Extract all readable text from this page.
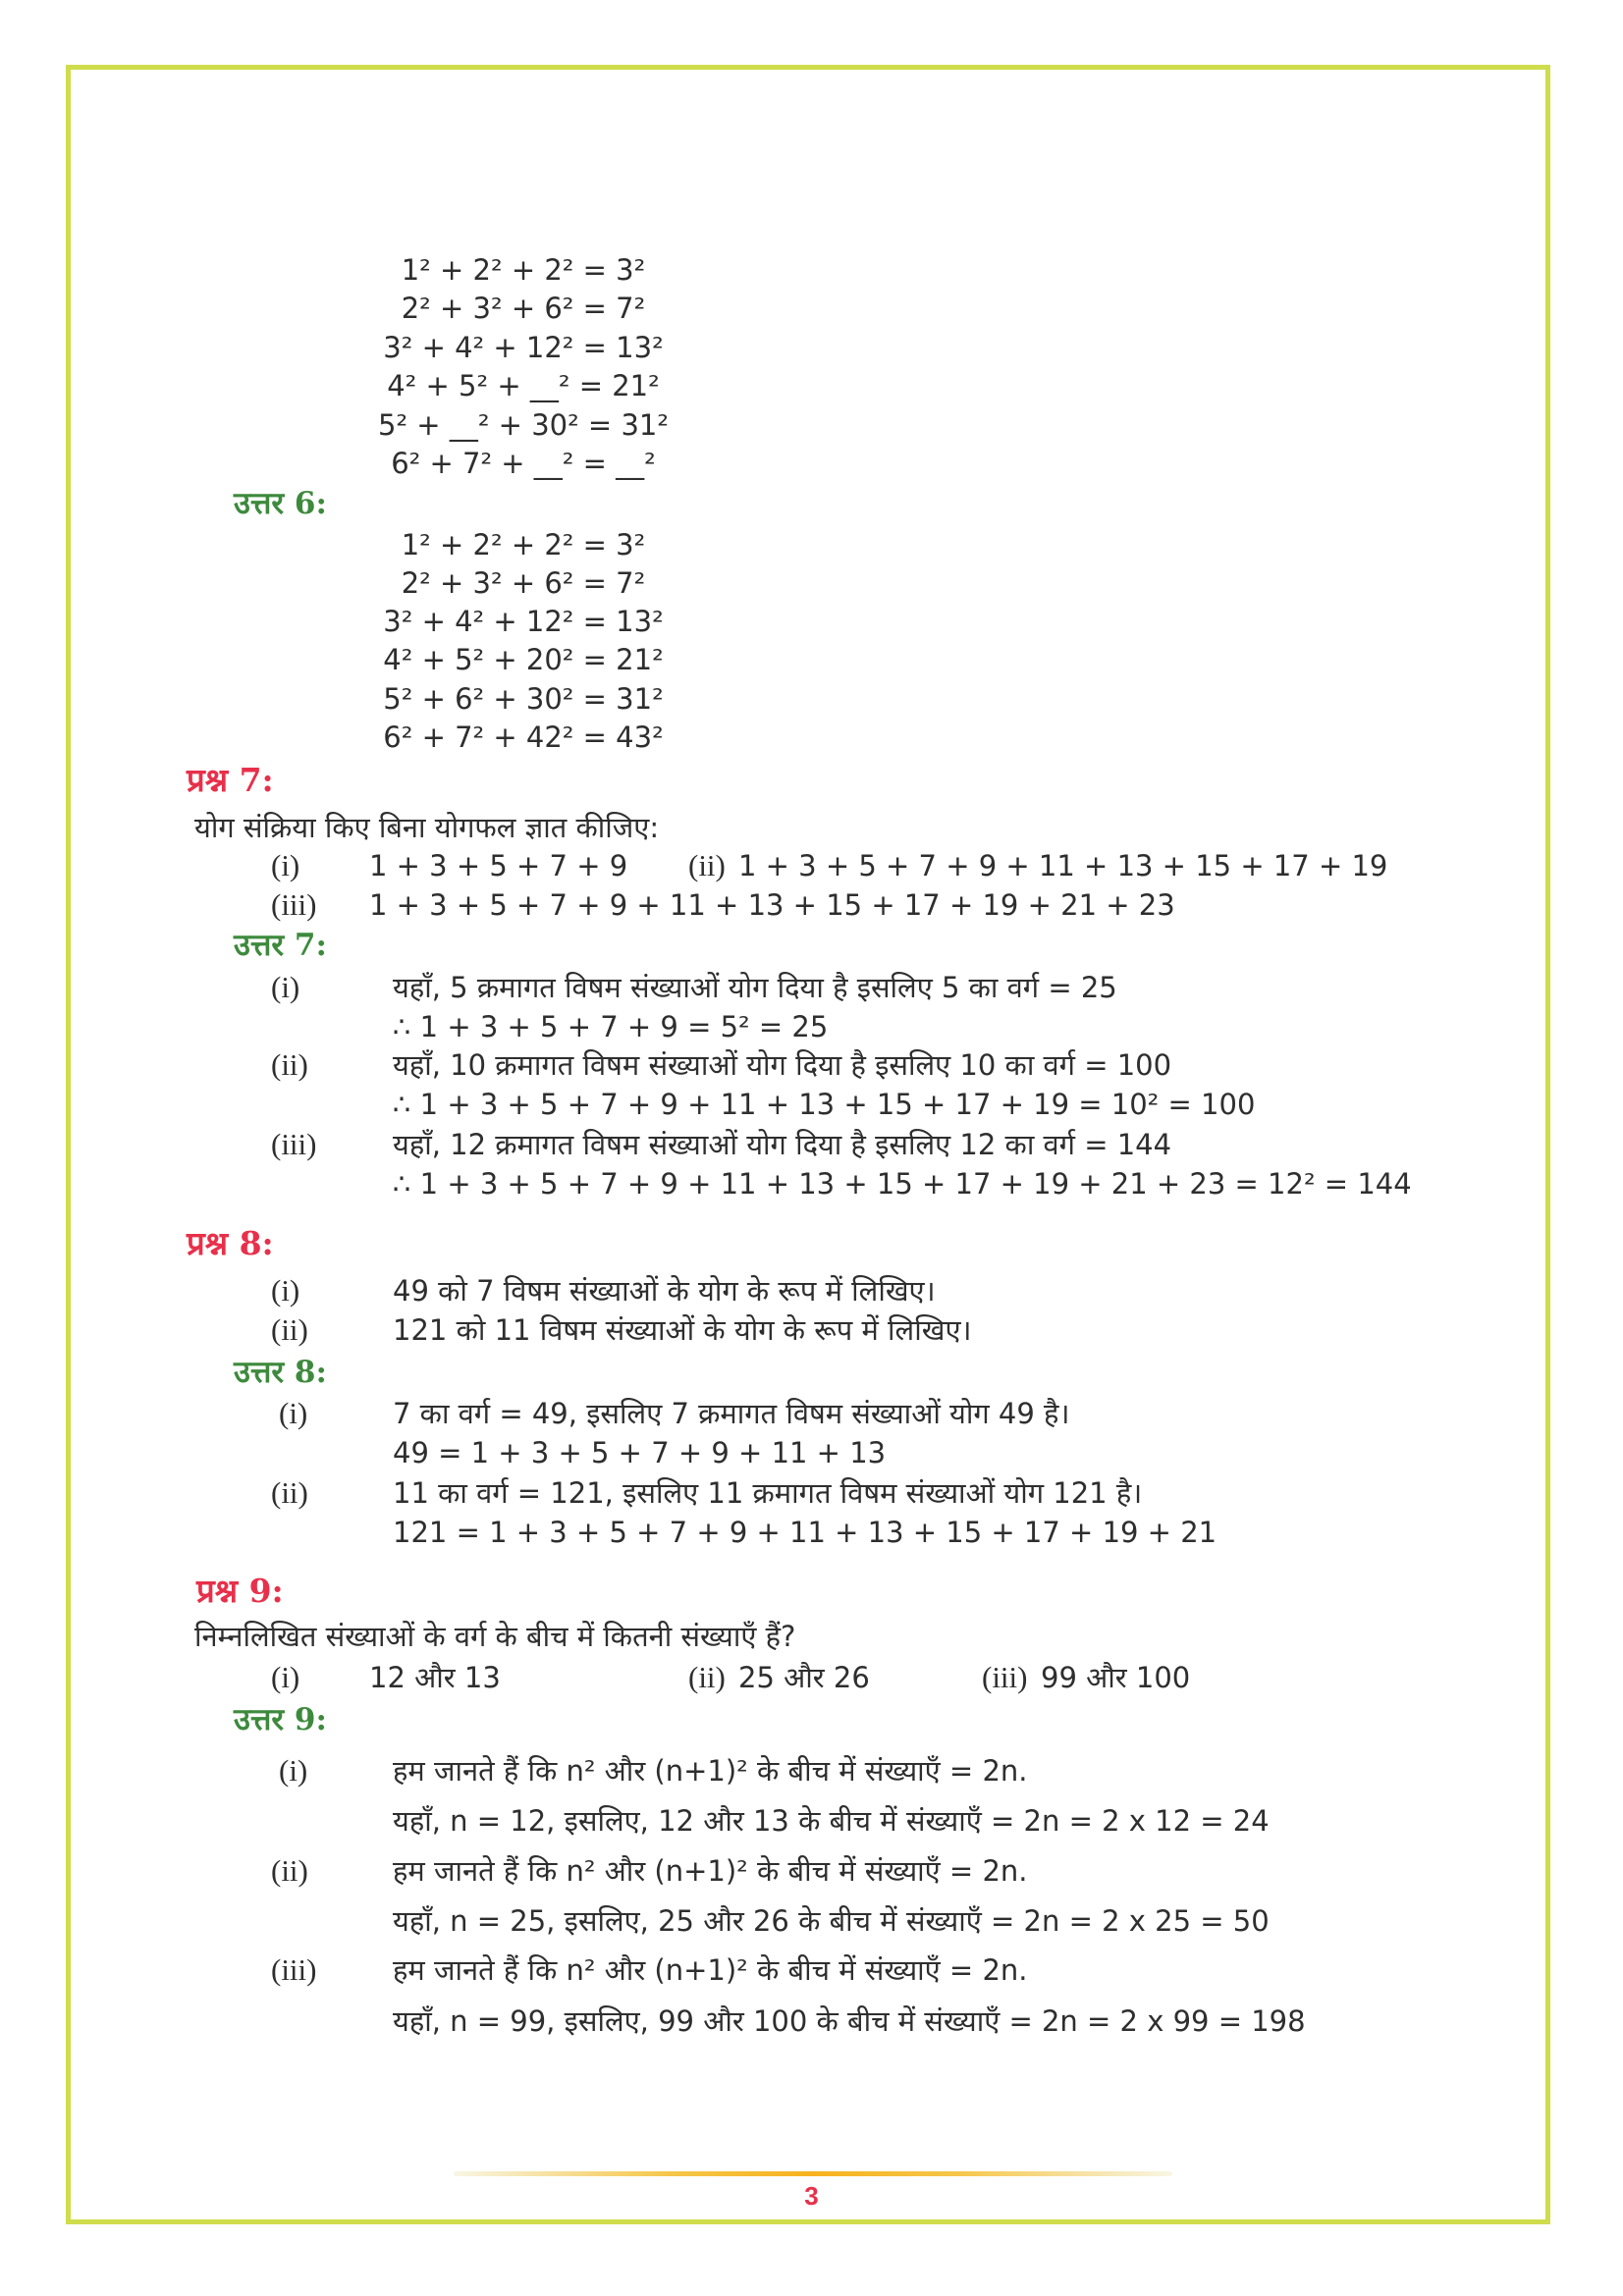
1² + 2² + 2² = 3²
2² + 3² + 6² = 7²
3² + 4² + 12² = 13²
4² + 5² + __² = 21²
5² + __² + 30² = 31²
6² + 7² + __² = __²
उत्तर 6:
1² + 2² + 2² = 3²
2² + 3² + 6² = 7²
3² + 4² + 12² = 13²
4² + 5² + 20² = 21²
5² + 6² + 30² = 31²
6² + 7² + 42² = 43²
प्रश्न 7:
योग संक्रिया किए बिना योगफल ज्ञात कीजिए:
(i) 1 + 3 + 5 + 7 + 9 (ii) 1 + 3 + 5 + 7 + 9 + 11 + 13 + 15 + 17 + 19
(iii) 1 + 3 + 5 + 7 + 9 + 11 + 13 + 15 + 17 + 19 + 21 + 23
उत्तर 7:
(i)	यहाँ, 5 क्रमागत विषम संख्याओं योग दिया है इसलिए 5 का वर्ग = 25
∴ 1 + 3 + 5 + 7 + 9 = 5² = 25
(ii)	यहाँ, 10 क्रमागत विषम संख्याओं योग दिया है इसलिए 10 का वर्ग = 100
∴ 1 + 3 + 5 + 7 + 9 + 11 + 13 + 15 + 17 + 19 = 10² = 100
(iii)	यहाँ, 12 क्रमागत विषम संख्याओं योग दिया है इसलिए 12 का वर्ग = 144
∴ 1 + 3 + 5 + 7 + 9 + 11 + 13 + 15 + 17 + 19 + 21 + 23 = 12² = 144
प्रश्न 8:
(i)	49 को 7 विषम संख्याओं के योग के रूप में लिखिए।
(ii)	121 को 11 विषम संख्याओं के योग के रूप में लिखिए।
उत्तर 8:
(i)	7 का वर्ग = 49, इसलिए 7 क्रमागत विषम संख्याओं योग 49 है।
49 = 1 + 3 + 5 + 7 + 9 + 11 + 13
(ii)	11 का वर्ग = 121, इसलिए 11 क्रमागत विषम संख्याओं योग 121 है।
121 = 1 + 3 + 5 + 7 + 9 + 11 + 13 + 15 + 17 + 19 + 21
प्रश्न 9:
निम्नलिखित संख्याओं के वर्ग के बीच में कितनी संख्याएँ हैं?
(i) 12 और 13	(ii) 25 और 26	(iii) 99 और 100
उत्तर 9:
(i)	हम जानते हैं कि n² और (n+1)² के बीच में संख्याएँ = 2n.
यहाँ, n = 12, इसलिए, 12 और 13 के बीच में संख्याएँ = 2n = 2 x 12 = 24
(ii)	हम जानते हैं कि n² और (n+1)² के बीच में संख्याएँ = 2n.
यहाँ, n = 25, इसलिए, 25 और 26 के बीच में संख्याएँ = 2n = 2 x 25 = 50
(iii)	हम जानते हैं कि n² और (n+1)² के बीच में संख्याएँ = 2n.
यहाँ, n = 99, इसलिए, 99 और 100 के बीच में संख्याएँ = 2n = 2 x 99 = 198
3
